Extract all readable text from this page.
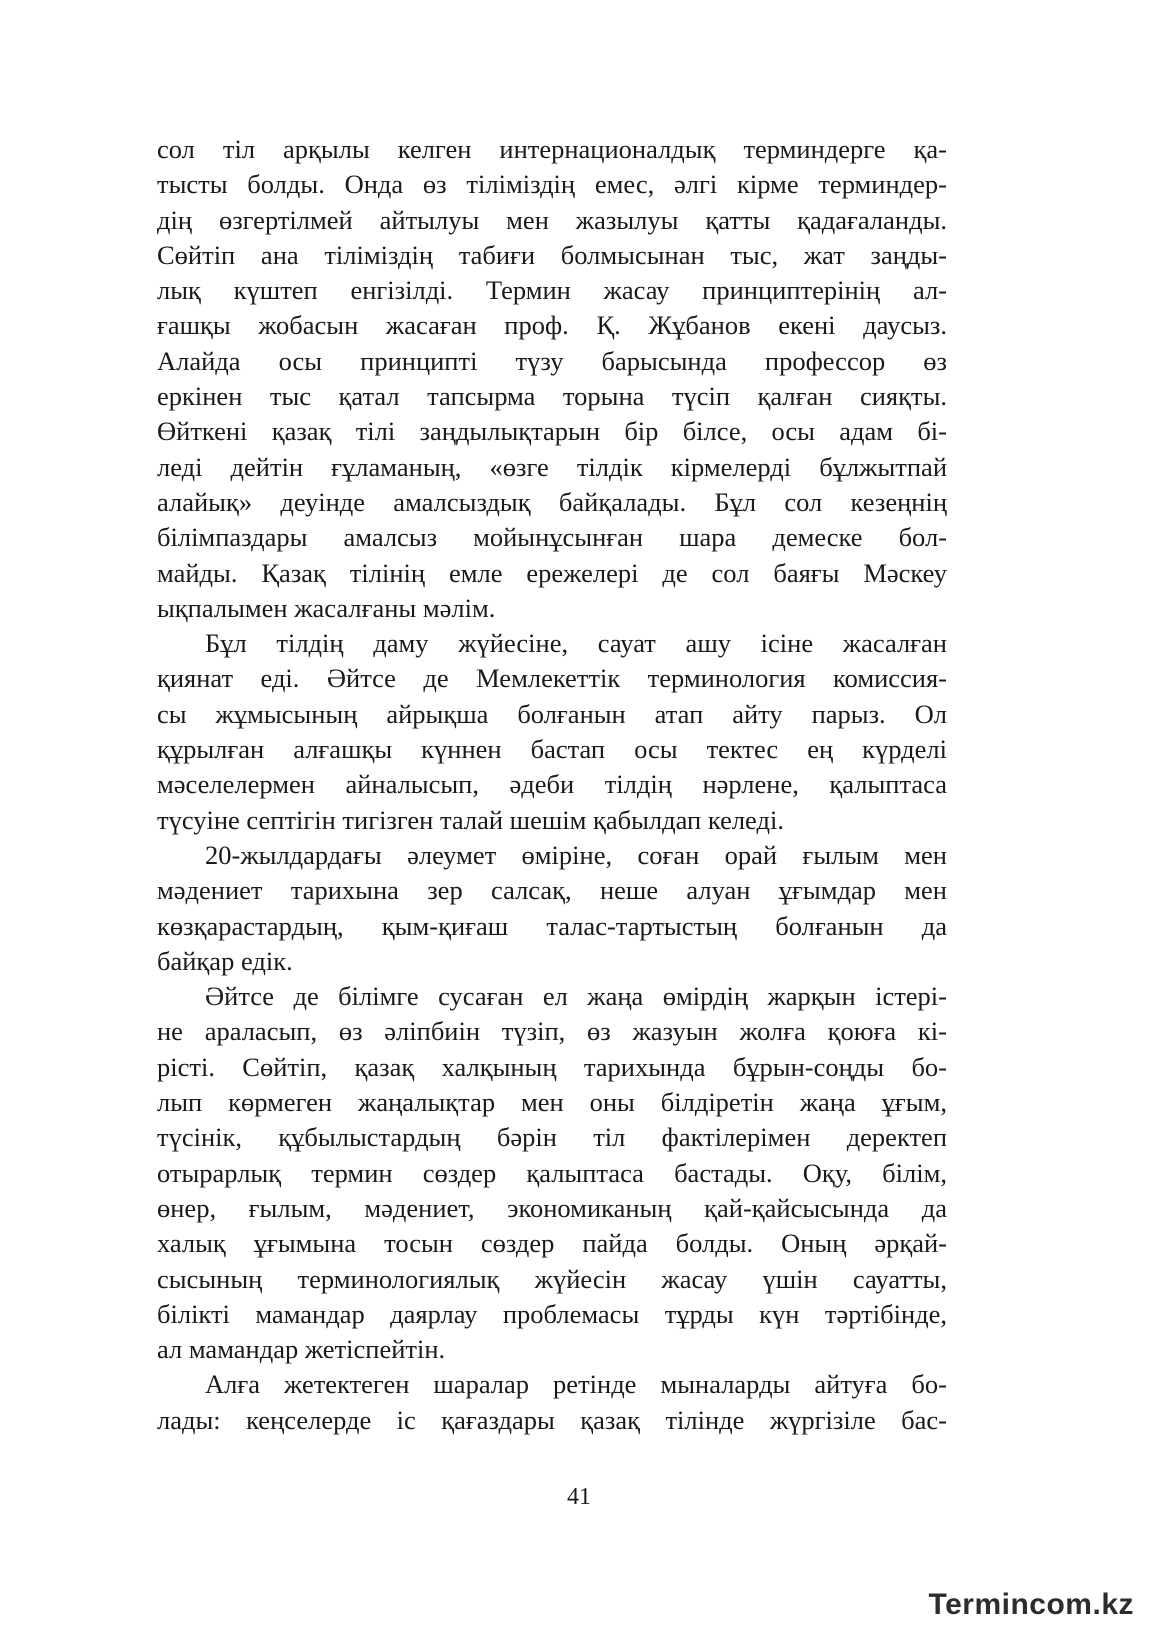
сол тіл арқылы келген интернационалдық терминдерге қа-
тысты болды. Онда өз тіліміздің емес, әлгі кірме терминдер-
дің өзгертілмей айтылуы мен жазылуы қатты қадағаланды.
Сөйтіп ана тіліміздің табиғи болмысынан тыс, жат заңды-
лық күштеп енгізілді. Термин жасау принциптерінің ал-
ғашқы жобасын жасаған проф. Қ. Жұбанов екені даусыз.
Алайда осы принципті түзу барысында профессор өз
еркінен тыс қатал тапсырма торына түсіп қалған сияқты.
Өйткені қазақ тілі заңдылықтарын бір білсе, осы адам бі-
леді дейтін ғұламаның, «өзге тілдік кірмелерді бұлжытпай
алайық» деуінде амалсыздық байқалады. Бұл сол кезеңнің
білімпаздары амалсыз мойынұсынған шара демеске бол-
майды. Қазақ тілінің емле ережелері де сол баяғы Мәскеу
ықпалымен жасалғаны мәлім.

Бұл тілдің даму жүйесіне, сауат ашу ісіне жасалған
қиянат еді. Әйтсе де Мемлекеттік терминология комиссия-
сы жұмысының айрықша болғанын атап айту парыз. Ол
құрылған алғашқы күннен бастап осы тектес ең күрделі
мәселелермен айналысып, әдеби тілдің нәрлене, қалыптаса
түсуіне септігін тигізген талай шешім қабылдап келеді.

20-жылдардағы әлеумет өміріне, соған орай ғылым мен
мәдениет тарихына зер салсақ, неше алуан ұғымдар мен
көзқарастардың, қым-қиғаш талас-тартыстың болғанын да
байқар едік.

Әйтсе де білімге сусаған ел жаңа өмірдің жарқын істері-
не араласып, өз әліпбиін түзіп, өз жазуын жолға қоюға кі-
рісті. Сөйтіп, қазақ халқының тарихында бұрын-соңды бо-
лып көрмеген жаңалықтар мен оны білдіретін жаңа ұғым,
түсінік, құбылыстардың бәрін тіл фактілерімен деректеп
отырарлық термин сөздер қалыптаса бастады. Оқу, білім,
өнер, ғылым, мәдениет, экономиканың қай-қайсысында да
халық ұғымына тосын сөздер пайда болды. Оның әрқай-
сысының терминологиялық жүйесін жасау үшін сауатты,
білікті мамандар даярлау проблемасы тұрды күн тәртібінде,
ал мамандар жетіспейтін.

Алға жетектеген шаралар ретінде мыналарды айтуға бо-
лады: кеңселерде іс қағаздары қазақ тілінде жүргізіле бас-

41
Terminсom.kz
